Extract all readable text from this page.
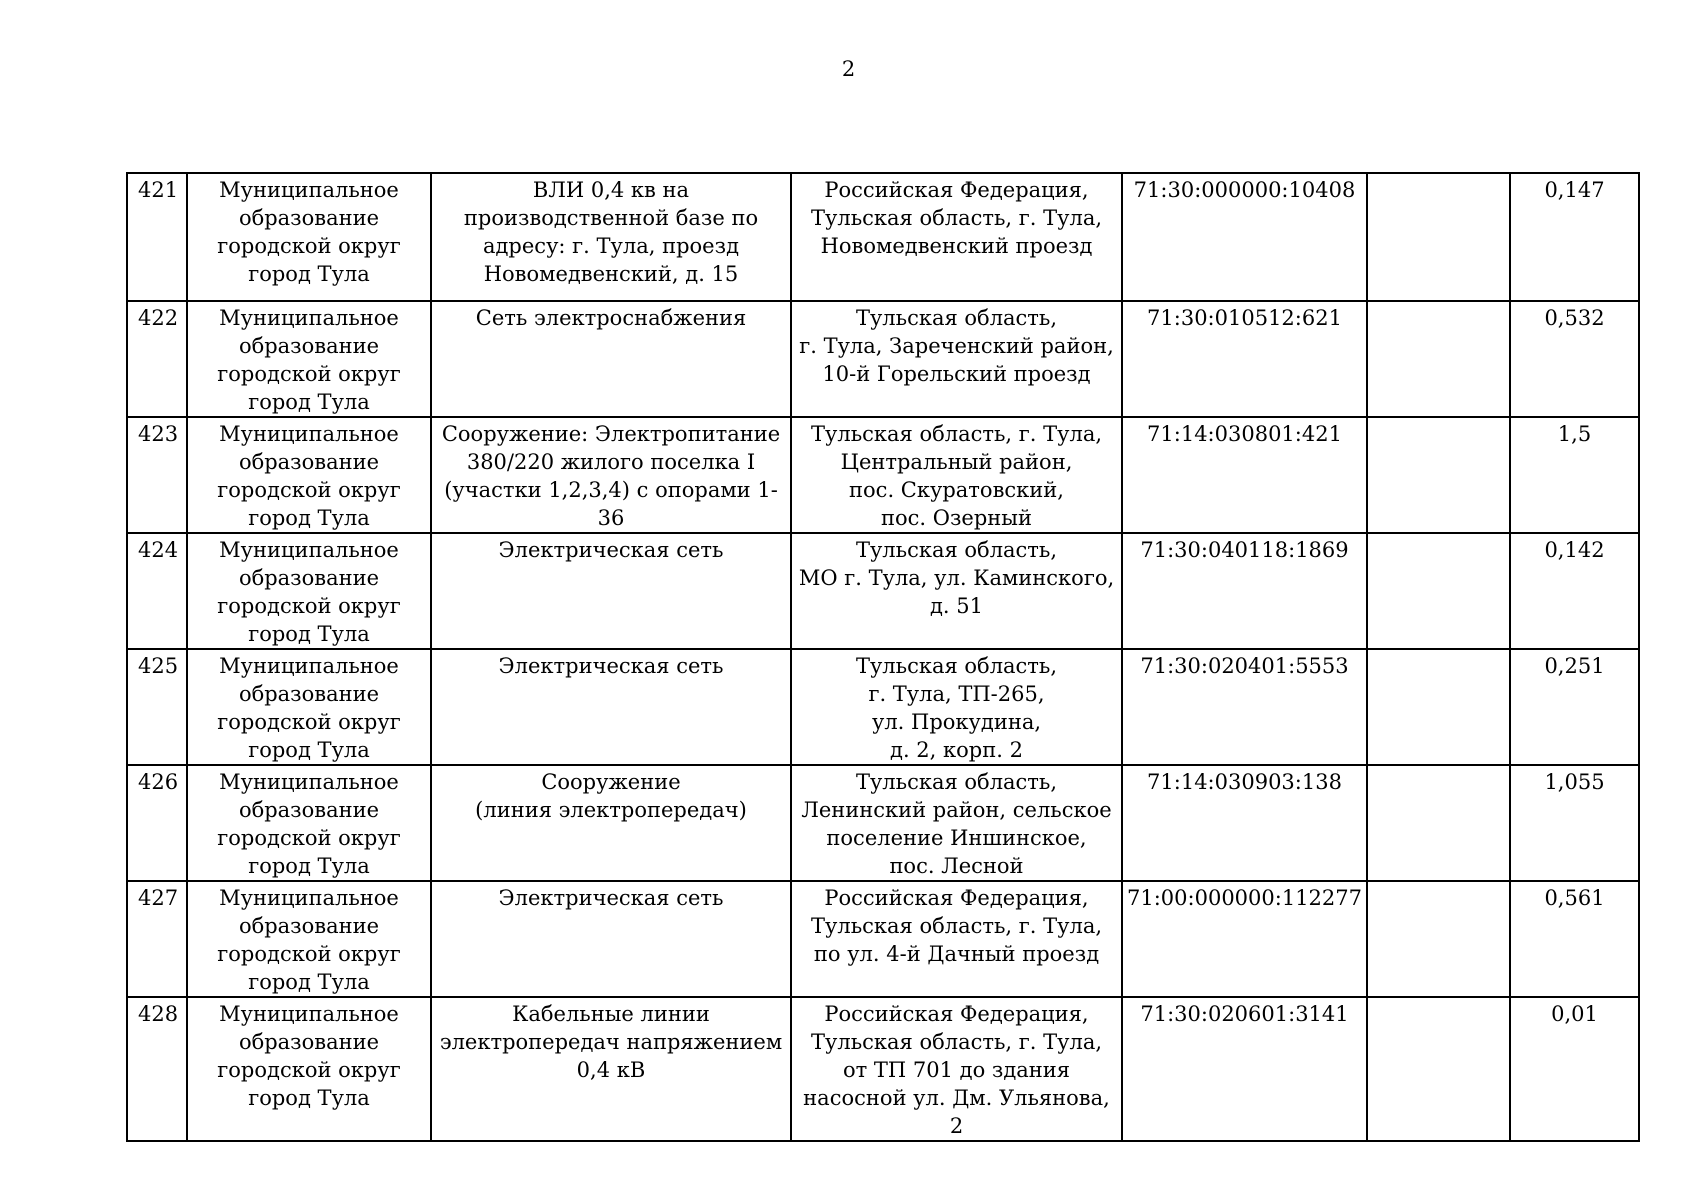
2
421	Муниципальное
образование
городской округ
город Тула	ВЛИ 0,4 кв на
производственной базе по
адресу: г. Тула, проезд
Новомедвенский, д. 15	Российская Федерация,
Тульская область, г. Тула,
Новомедвенский проезд	71:30:000000:10408		0,147
422	Муниципальное
образование
городской округ
город Тула	Сеть электроснабжения	Тульская область,
г. Тула, Зареченский район,
10-й Горельский проезд	71:30:010512:621		0,532
423	Муниципальное
образование
городской округ
город Тула	Сооружение: Электропитание
380/220 жилого поселка I
(участки 1,2,3,4) с опорами 1-36	Тульская область, г. Тула,
Центральный район,
пос. Скуратовский,
пос. Озерный	71:14:030801:421		1,5
424	Муниципальное
образование
городской округ
город Тула	Электрическая сеть	Тульская область,
МО г. Тула, ул. Каминского,
д. 51	71:30:040118:1869		0,142
425	Муниципальное
образование
городской округ
город Тула	Электрическая сеть	Тульская область,
г. Тула, ТП-265,
ул. Прокудина,
д. 2, корп. 2	71:30:020401:5553		0,251
426	Муниципальное
образование
городской округ
город Тула	Сооружение
(линия электропередач)	Тульская область,
Ленинский район, сельское
поселение Иншинское,
пос. Лесной	71:14:030903:138		1,055
427	Муниципальное
образование
городской округ
город Тула	Электрическая сеть	Российская Федерация,
Тульская область, г. Тула,
по ул. 4-й Дачный проезд	71:00:000000:112277		0,561
428	Муниципальное
образование
городской округ
город Тула	Кабельные линии
электропередач напряжением
0,4 кВ	Российская Федерация,
Тульская область, г. Тула,
от ТП 701 до здания
насосной ул. Дм. Ульянова, 2	71:30:020601:3141		0,01
